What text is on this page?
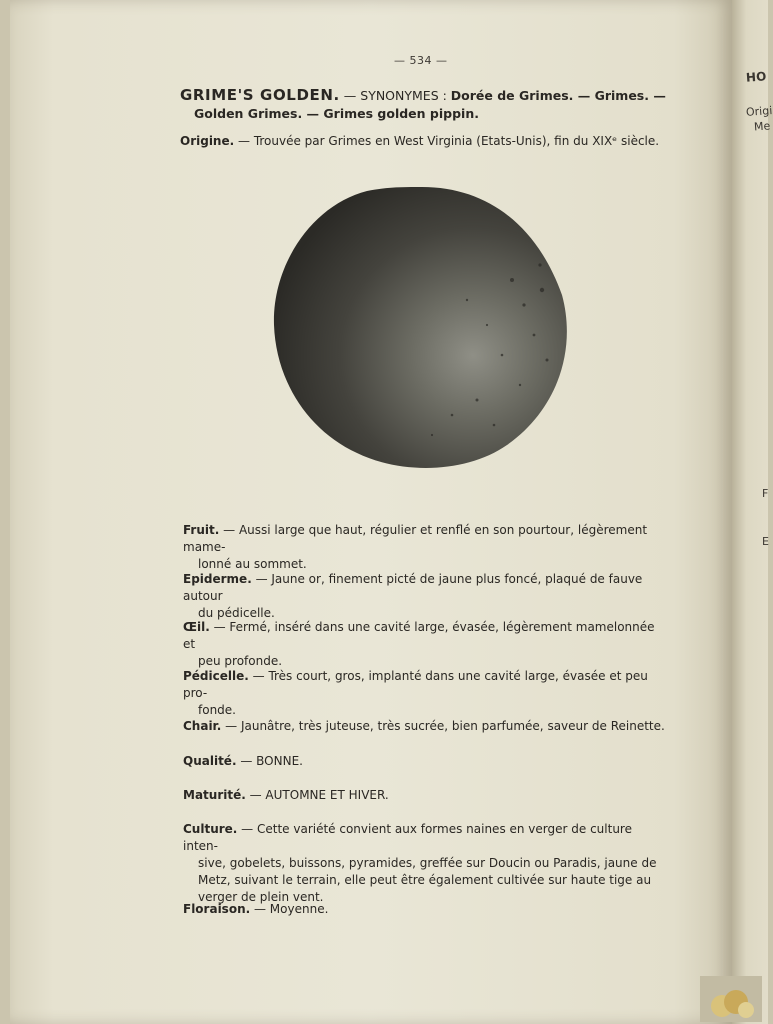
— 534 —
GRIME'S GOLDEN. — SYNONYMES : Dorée de Grimes. — Grimes. —
Golden Grimes. — Grimes golden pippin.
Origine. — Trouvée par Grimes en West Virginia (Etats-Unis), fin du XIXᵉ siècle.
Fruit. — Aussi large que haut, régulier et renflé en son pourtour, légèrement mame-
lonné au sommet.
Epiderme. — Jaune or, finement picté de jaune plus foncé, plaqué de fauve autour
du pédicelle.
Œil. — Fermé, inséré dans une cavité large, évasée, légèrement mamelonnée et
peu profonde.
Pédicelle. — Très court, gros, implanté dans une cavité large, évasée et peu pro-
fonde.
Chair. — Jaunâtre, très juteuse, très sucrée, bien parfumée, saveur de Reinette.
Qualité. — BONNE.
Maturité. — AUTOMNE ET HIVER.
Culture. — Cette variété convient aux formes naines en verger de culture inten-
sive, gobelets, buissons, pyramides, greffée sur Doucin ou Paradis, jaune de
Metz, suivant le terrain, elle peut être également cultivée sur haute tige au
verger de plein vent.
Floraison. — Moyenne.
HO
Origi
Me
F
E
